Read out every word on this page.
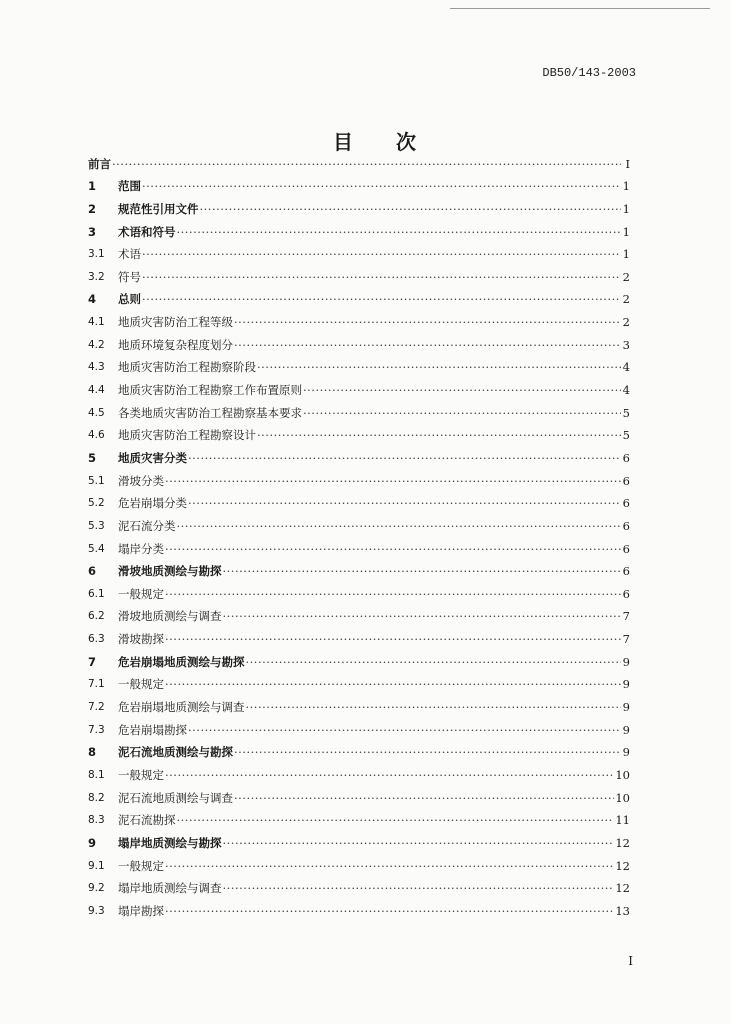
DB50/143-2003
目 次
前言 ·····	I
1	范围 ·····	1
2	规范性引用文件 ·····	1
3	术语和符号 ·····	1
3.1	术语 ·····	1
3.2	符号 ·····	2
4	总则 ·····	2
4.1	地质灾害防治工程等级 ·····	2
4.2	地质环境复杂程度划分 ·····	3
4.3	地质灾害防治工程勘察阶段 ·····	4
4.4	地质灾害防治工程勘察工作布置原则 ·····	4
4.5	各类地质灾害防治工程勘察基本要求 ·····	5
4.6	地质灾害防治工程勘察设计 ·····	5
5	地质灾害分类 ·····	6
5.1	滑坡分类 ·····	6
5.2	危岩崩塌分类 ·····	6
5.3	泥石流分类 ·····	6
5.4	塌岸分类 ·····	6
6	滑坡地质测绘与勘探 ·····	6
6.1	一般规定 ·····	6
6.2	滑坡地质测绘与调查 ·····	7
6.3	滑坡勘探 ·····	7
7	危岩崩塌地质测绘与勘探 ·····	9
7.1	一般规定 ·····	9
7.2	危岩崩塌地质测绘与调查 ·····	9
7.3	危岩崩塌勘探 ·····	9
8	泥石流地质测绘与勘探 ·····	9
8.1	一般规定 ·····	10
8.2	泥石流地质测绘与调查 ·····	10
8.3	泥石流勘探 ·····	11
9	塌岸地质测绘与勘探 ·····	12
9.1	一般规定 ·····	12
9.2	塌岸地质测绘与调查 ·····	12
9.3	塌岸勘探 ·····	13
I
